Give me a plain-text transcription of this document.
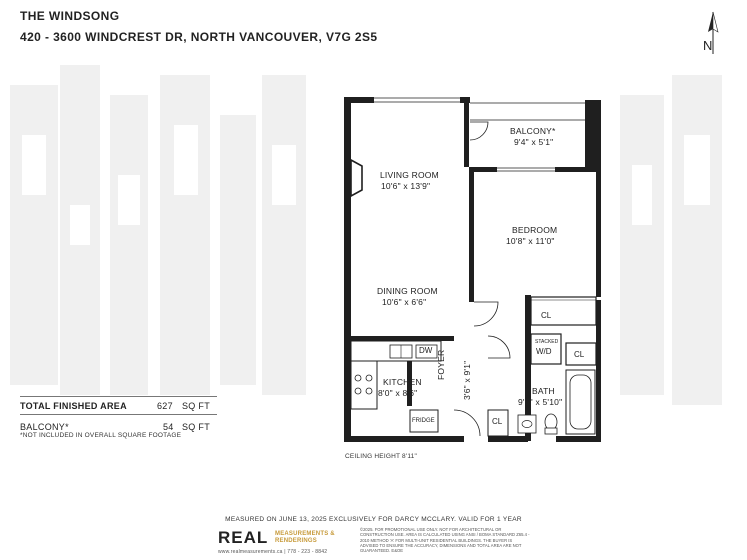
THE WINDSONG
420 - 3600 WINDCREST DR, NORTH VANCOUVER, V7G 2S5
N
TOTAL FINISHED AREA	627 SQ FT
BALCONY*	54 SQ FT
*NOT INCLUDED IN OVERALL SQUARE FOOTAGE
BALCONY*
9'4" x 5'1"
LIVING ROOM
10'6" x 13'9"
BEDROOM
10'8" x 11'0"
DINING ROOM
10'6" x 6'6"
KITCHEN
8'0" x 8'6"
FOYER 3'6" x 9'1"	BATH
9'5" x 5'10"
DW
FRIDGE
CL
STACKED
W/D	CL
CL
CEILING HEIGHT 8'11"
MEASURED ON JUNE 13, 2025 EXCLUSIVELY FOR DARCY MCCLARY. VALID FOR 1 YEAR
REAL MEASUREMENTS &
RENDERINGS
www.realmeasurements.ca | 778 - 223 - 8842
©2025. FOR PROMOTIONAL USE ONLY. NOT FOR ARCHITECTURAL OR CONSTRUCTION USE. AREA IS CALCULATED USING ANSI / BOMA STANDARD Z65.4 - 2010 METHOD 'A' FOR MULTI-UNIT RESIDENTIAL BUILDINGS. THE BUYER IS ADVISED TO ENSURE THE ACCURACY, DIMENSIONS AND TOTAL AREA ARE NOT GUARANTEED. E&OE
